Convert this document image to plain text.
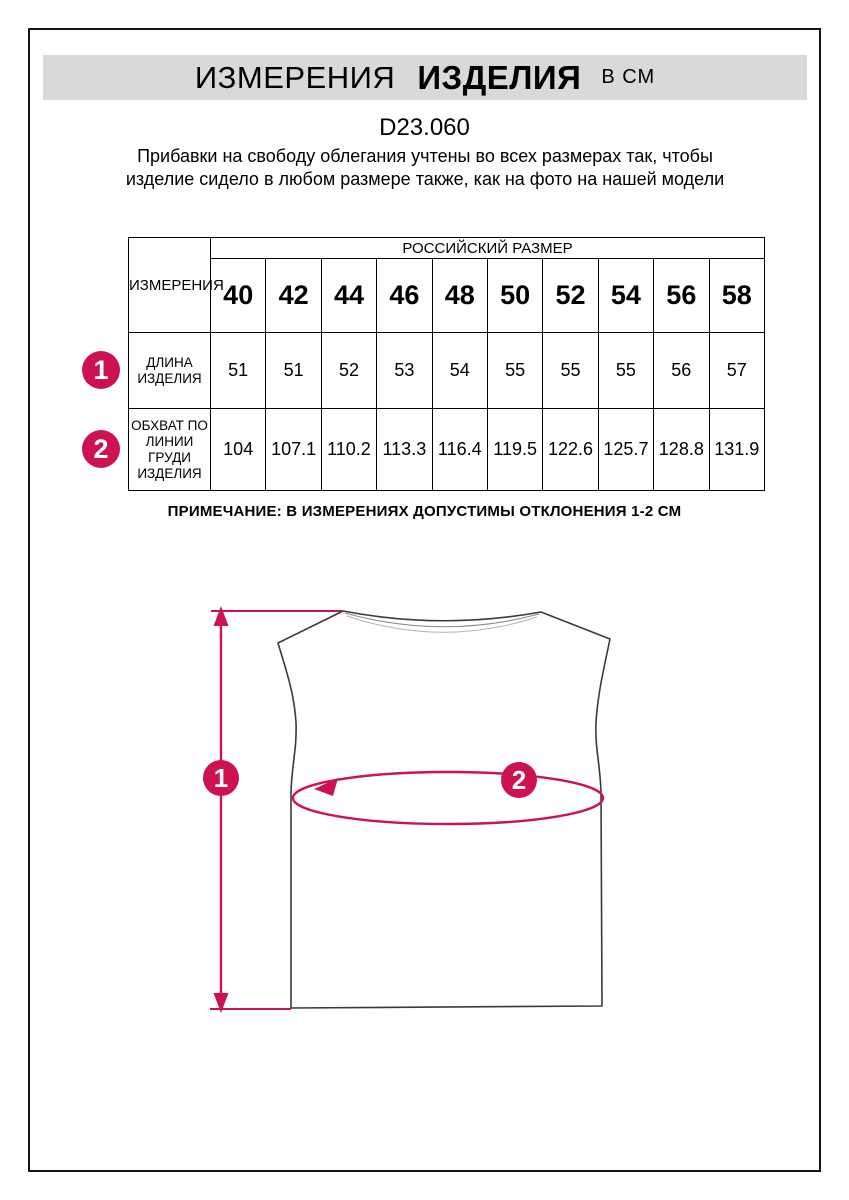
ИЗМЕРЕНИЯ ИЗДЕЛИЯ В СМ
D23.060
Прибавки на свободу облегания учтены во всех размерах так, чтобы изделие сидело в любом размере также, как на фото на нашей модели
ИЗМЕРЕНИЯ	РОССИЙСКИЙ РАЗМЕР									
	40	42	44	46	48	50	52	54	56	58
ДЛИНА ИЗДЕЛИЯ	51	51	52	53	54	55	55	55	56	57
ОБХВАТ ПО ЛИНИИ ГРУДИ ИЗДЕЛИЯ	104	107.1	110.2	113.3	116.4	119.5	122.6	125.7	128.8	131.9
1
2
ПРИМЕЧАНИЕ: В ИЗМЕРЕНИЯХ ДОПУСТИМЫ ОТКЛОНЕНИЯ 1-2 СМ
1	2
